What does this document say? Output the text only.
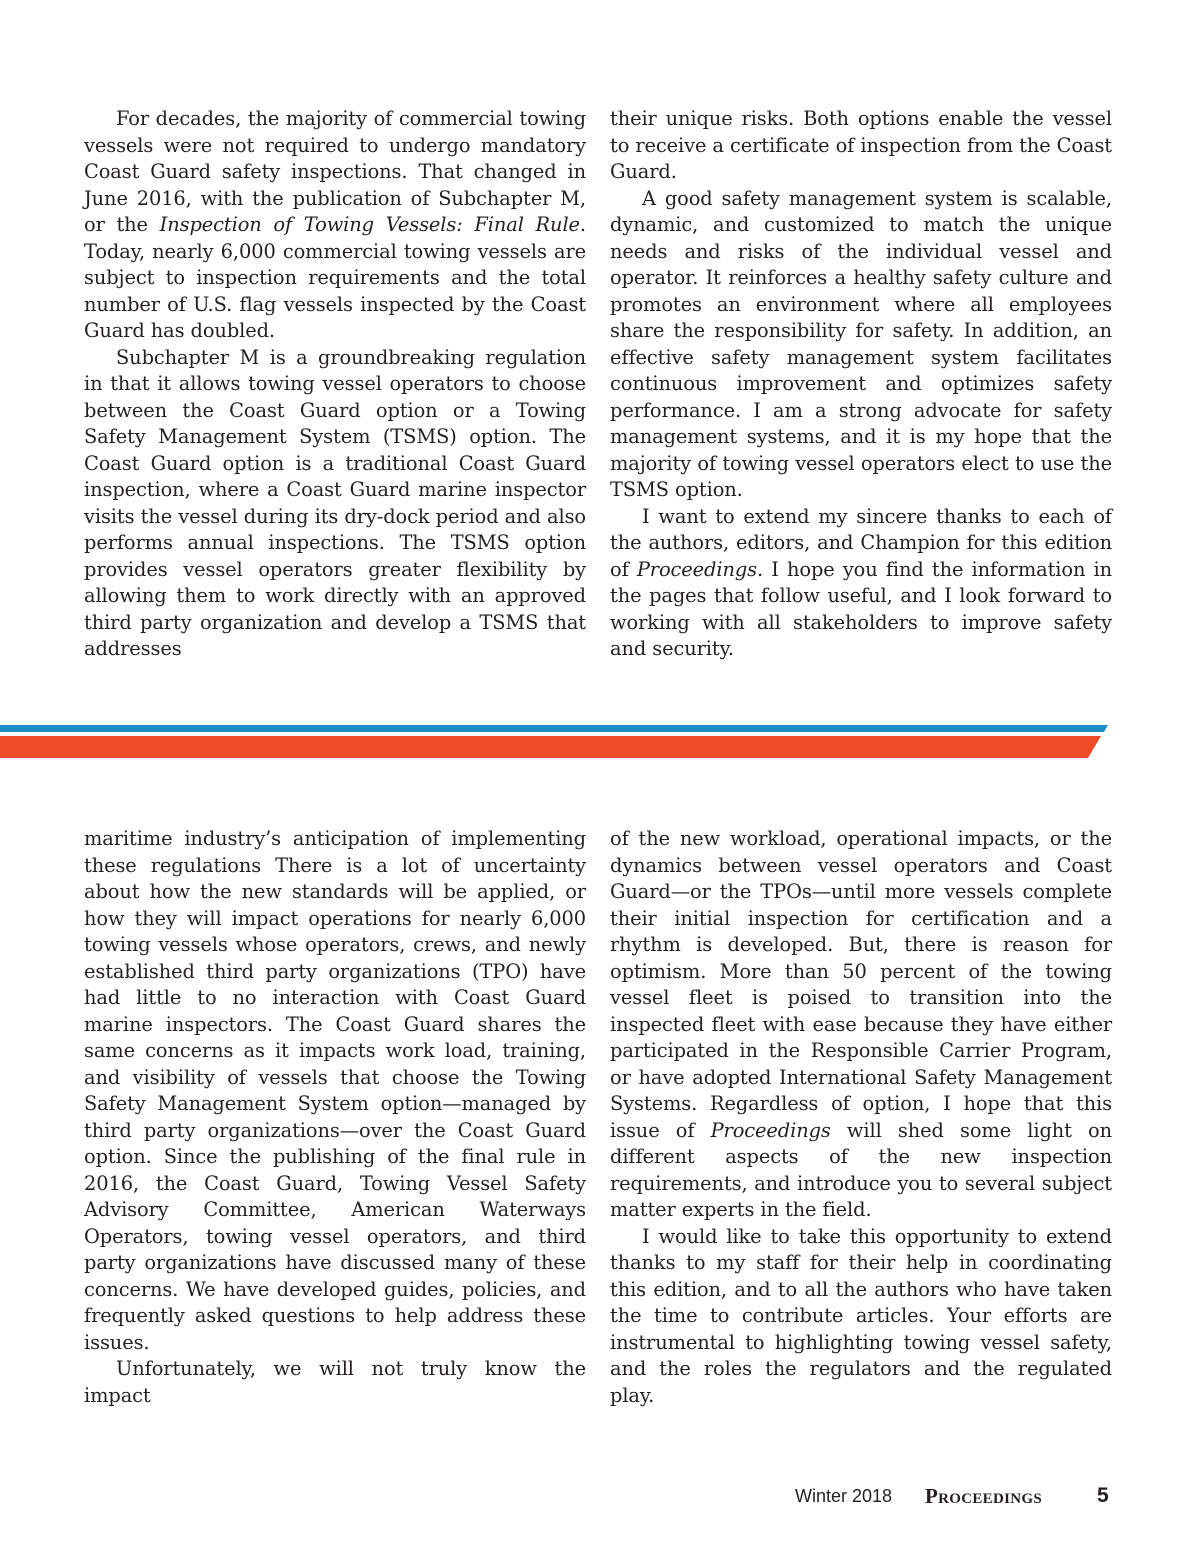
For decades, the majority of commercial towing vessels were not required to undergo mandatory Coast Guard safety inspections. That changed in June 2016, with the publication of Subchapter M, or the Inspection of Towing Vessels: Final Rule. Today, nearly 6,000 commercial towing vessels are subject to inspection requirements and the total number of U.S. flag vessels inspected by the Coast Guard has doubled.

Subchapter M is a groundbreaking regulation in that it allows towing vessel operators to choose between the Coast Guard option or a Towing Safety Management System (TSMS) option. The Coast Guard option is a traditional Coast Guard inspection, where a Coast Guard marine inspector visits the vessel during its dry-dock period and also performs annual inspections. The TSMS option provides vessel operators greater flexibility by allowing them to work directly with an approved third party organization and develop a TSMS that addresses

their unique risks. Both options enable the vessel to receive a certificate of inspection from the Coast Guard.

A good safety management system is scalable, dynamic, and customized to match the unique needs and risks of the individual vessel and operator. It reinforces a healthy safety culture and promotes an environment where all employees share the responsibility for safety. In addition, an effective safety management system facilitates continuous improvement and optimizes safety performance. I am a strong advocate for safety management systems, and it is my hope that the majority of towing vessel operators elect to use the TSMS option.

I want to extend my sincere thanks to each of the authors, editors, and Champion for this edition of Proceedings. I hope you find the information in the pages that follow useful, and I look forward to working with all stakeholders to improve safety and security.

maritime industry’s anticipation of implementing these regulations There is a lot of uncertainty about how the new standards will be applied, or how they will impact operations for nearly 6,000 towing vessels whose operators, crews, and newly established third party organizations (TPO) have had little to no interaction with Coast Guard marine inspectors. The Coast Guard shares the same concerns as it impacts work load, training, and visibility of vessels that choose the Towing Safety Management System option—managed by third party organizations—over the Coast Guard option. Since the publishing of the final rule in 2016, the Coast Guard, Towing Vessel Safety Advisory Committee, American Waterways Operators, towing vessel operators, and third party organizations have discussed many of these concerns. We have developed guides, policies, and frequently asked questions to help address these issues.

Unfortunately, we will not truly know the impact

of the new workload, operational impacts, or the dynamics between vessel operators and Coast Guard—or the TPOs—until more vessels complete their initial inspection for certification and a rhythm is developed. But, there is reason for optimism. More than 50 percent of the towing vessel fleet is poised to transition into the inspected fleet with ease because they have either participated in the Responsible Carrier Program, or have adopted International Safety Management Systems. Regardless of option, I hope that this issue of Proceedings will shed some light on different aspects of the new inspection requirements, and introduce you to several subject matter experts in the field.

I would like to take this opportunity to extend thanks to my staff for their help in coordinating this edition, and to all the authors who have taken the time to contribute articles. Your efforts are instrumental to highlighting towing vessel safety, and the roles the regulators and the regulated play.

Winter 2018 Proceedings	5
